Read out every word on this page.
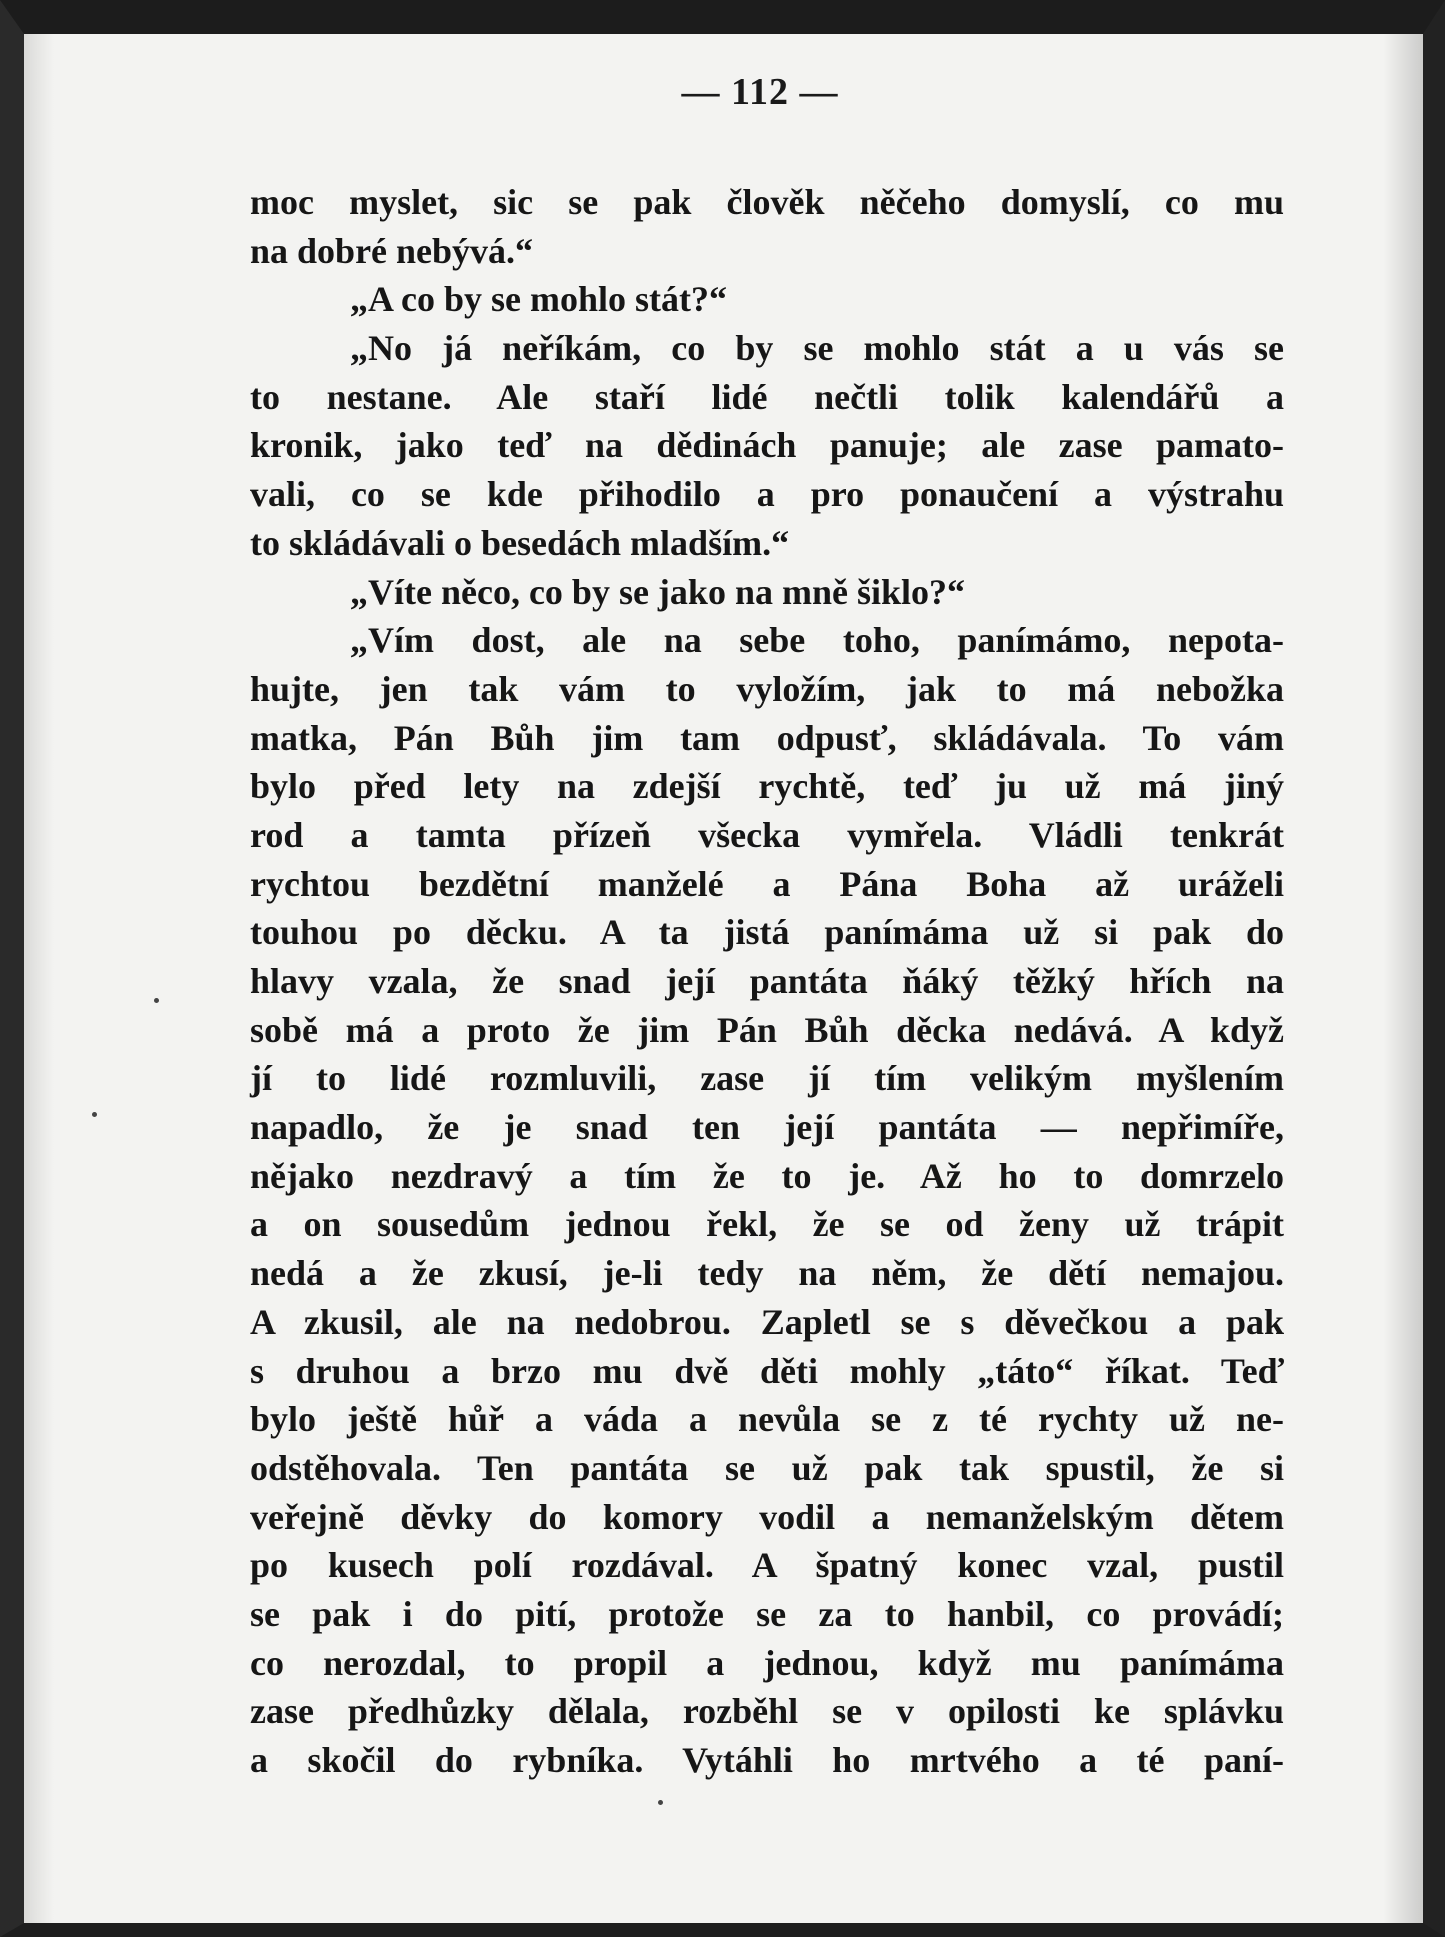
— 112 —
moc myslet, sic se pak člověk něčeho domyslí, co mu
na dobré nebývá.“
„A co by se mohlo stát?“
„No já neříkám, co by se mohlo stát a u vás se
to nestane. Ale staří lidé nečtli tolik kalendářů a
kronik, jako teď na dědinách panuje; ale zase pamato-
vali, co se kde přihodilo a pro ponaučení a výstrahu
to skládávali o besedách mladším.“
„Víte něco, co by se jako na mně šiklo?“
„Vím dost, ale na sebe toho, panímámo, nepota-
hujte, jen tak vám to vyložím, jak to má nebožka
matka, Pán Bůh jim tam odpusť, skládávala. To vám
bylo před lety na zdejší rychtě, teď ju už má jiný
rod a tamta přízeň všecka vymřela. Vládli tenkrát
rychtou bezdětní manželé a Pána Boha až uráželi
touhou po děcku. A ta jistá panímáma už si pak do
hlavy vzala, že snad její pantáta ňáký těžký hřích na
sobě má a proto že jim Pán Bůh děcka nedává. A když
jí to lidé rozmluvili, zase jí tím velikým myšlením
napadlo, že je snad ten její pantáta — nepřimíře,
nějako nezdravý a tím že to je. Až ho to domrzelo
a on sousedům jednou řekl, že se od ženy už trápit
nedá a že zkusí, je-li tedy na něm, že dětí nemajou.
A zkusil, ale na nedobrou. Zapletl se s děvečkou a pak
s druhou a brzo mu dvě děti mohly „táto“ říkat. Teď
bylo ještě hůř a váda a nevůla se z té rychty už ne-
odstěhovala. Ten pantáta se už pak tak spustil, že si
veřejně děvky do komory vodil a nemanželským dětem
po kusech polí rozdával. A špatný konec vzal, pustil
se pak i do pití, protože se za to hanbil, co provádí;
co nerozdal, to propil a jednou, když mu panímáma
zase předhůzky dělala, rozběhl se v opilosti ke splávku
a skočil do rybníka. Vytáhli ho mrtvého a té paní-
